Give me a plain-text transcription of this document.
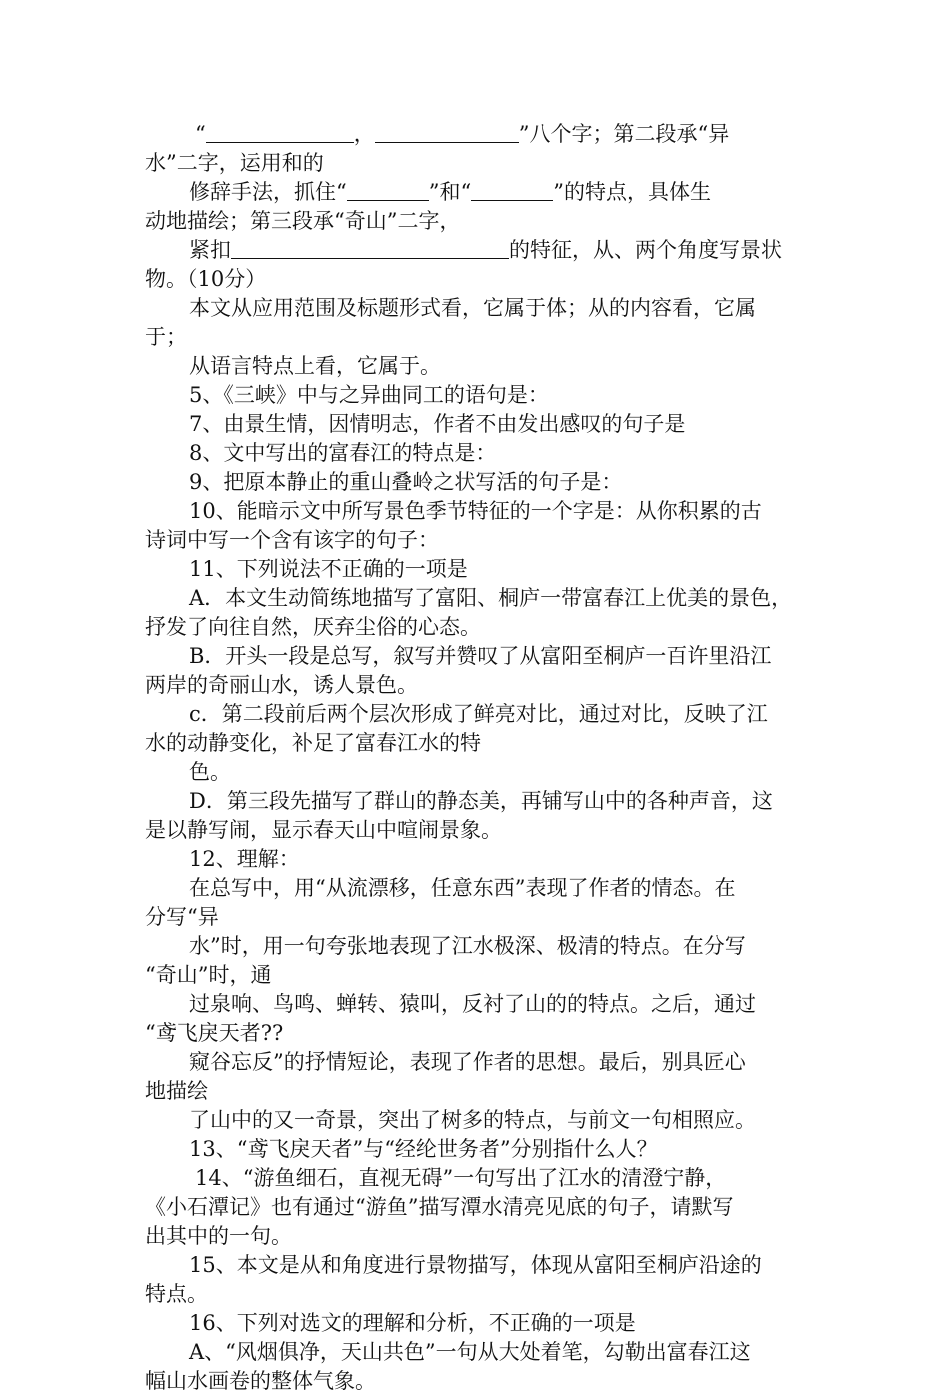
“	，	”八个字；第二段承“异
水”二字，运用和的
修辞手法，抓住“	”和“	”的特点，具体生
动地描绘；第三段承“奇山”二字，
紧扣	的特征，从、两个角度写景状
物。（10分）
本文从应用范围及标题形式看，它属于体；从的内容看，它属
于；
从语言特点上看，它属于。
5、《三峡》中与之异曲同工的语句是：
7、由景生情，因情明志，作者不由发出感叹的句子是
8、文中写出的富春江的特点是：
9、把原本静止的重山叠岭之状写活的句子是：
10、能暗示文中所写景色季节特征的一个字是：从你积累的古
诗词中写一个含有该字的句子：
11、下列说法不正确的一项是
A．本文生动简练地描写了富阳、桐庐一带富春江上优美的景色，
抒发了向往自然，厌弃尘俗的心态。
B．开头一段是总写，叙写并赞叹了从富阳至桐庐一百许里沿江
两岸的奇丽山水，诱人景色。
c．第二段前后两个层次形成了鲜亮对比，通过对比，反映了江
水的动静变化，补足了富春江水的特
色。
D．第三段先描写了群山的静态美，再铺写山中的各种声音，这
是以静写闹，显示春天山中喧闹景象。
12、理解：
在总写中，用“从流漂移，任意东西”表现了作者的情态。在
分写“异
水”时，用一句夸张地表现了江水极深、极清的特点。在分写
“奇山”时，通
过泉响、鸟鸣、蝉转、猿叫，反衬了山的的特点。之后，通过
“鸢飞戾天者??
窥谷忘反”的抒情短论，表现了作者的思想。最后，别具匠心
地描绘
了山中的又一奇景，突出了树多的特点，与前文一句相照应。
13、“鸢飞戾天者”与“经纶世务者”分别指什么人？
14、“游鱼细石，直视无碍”一句写出了江水的清澄宁静，
《小石潭记》也有通过“游鱼”描写潭水清亮见底的句子，请默写
出其中的一句。
15、本文是从和角度进行景物描写，体现从富阳至桐庐沿途的
特点。
16、下列对选文的理解和分析，不正确的一项是
A、“风烟俱净，天山共色”一句从大处着笔，勾勒出富春江这
幅山水画卷的整体气象。
